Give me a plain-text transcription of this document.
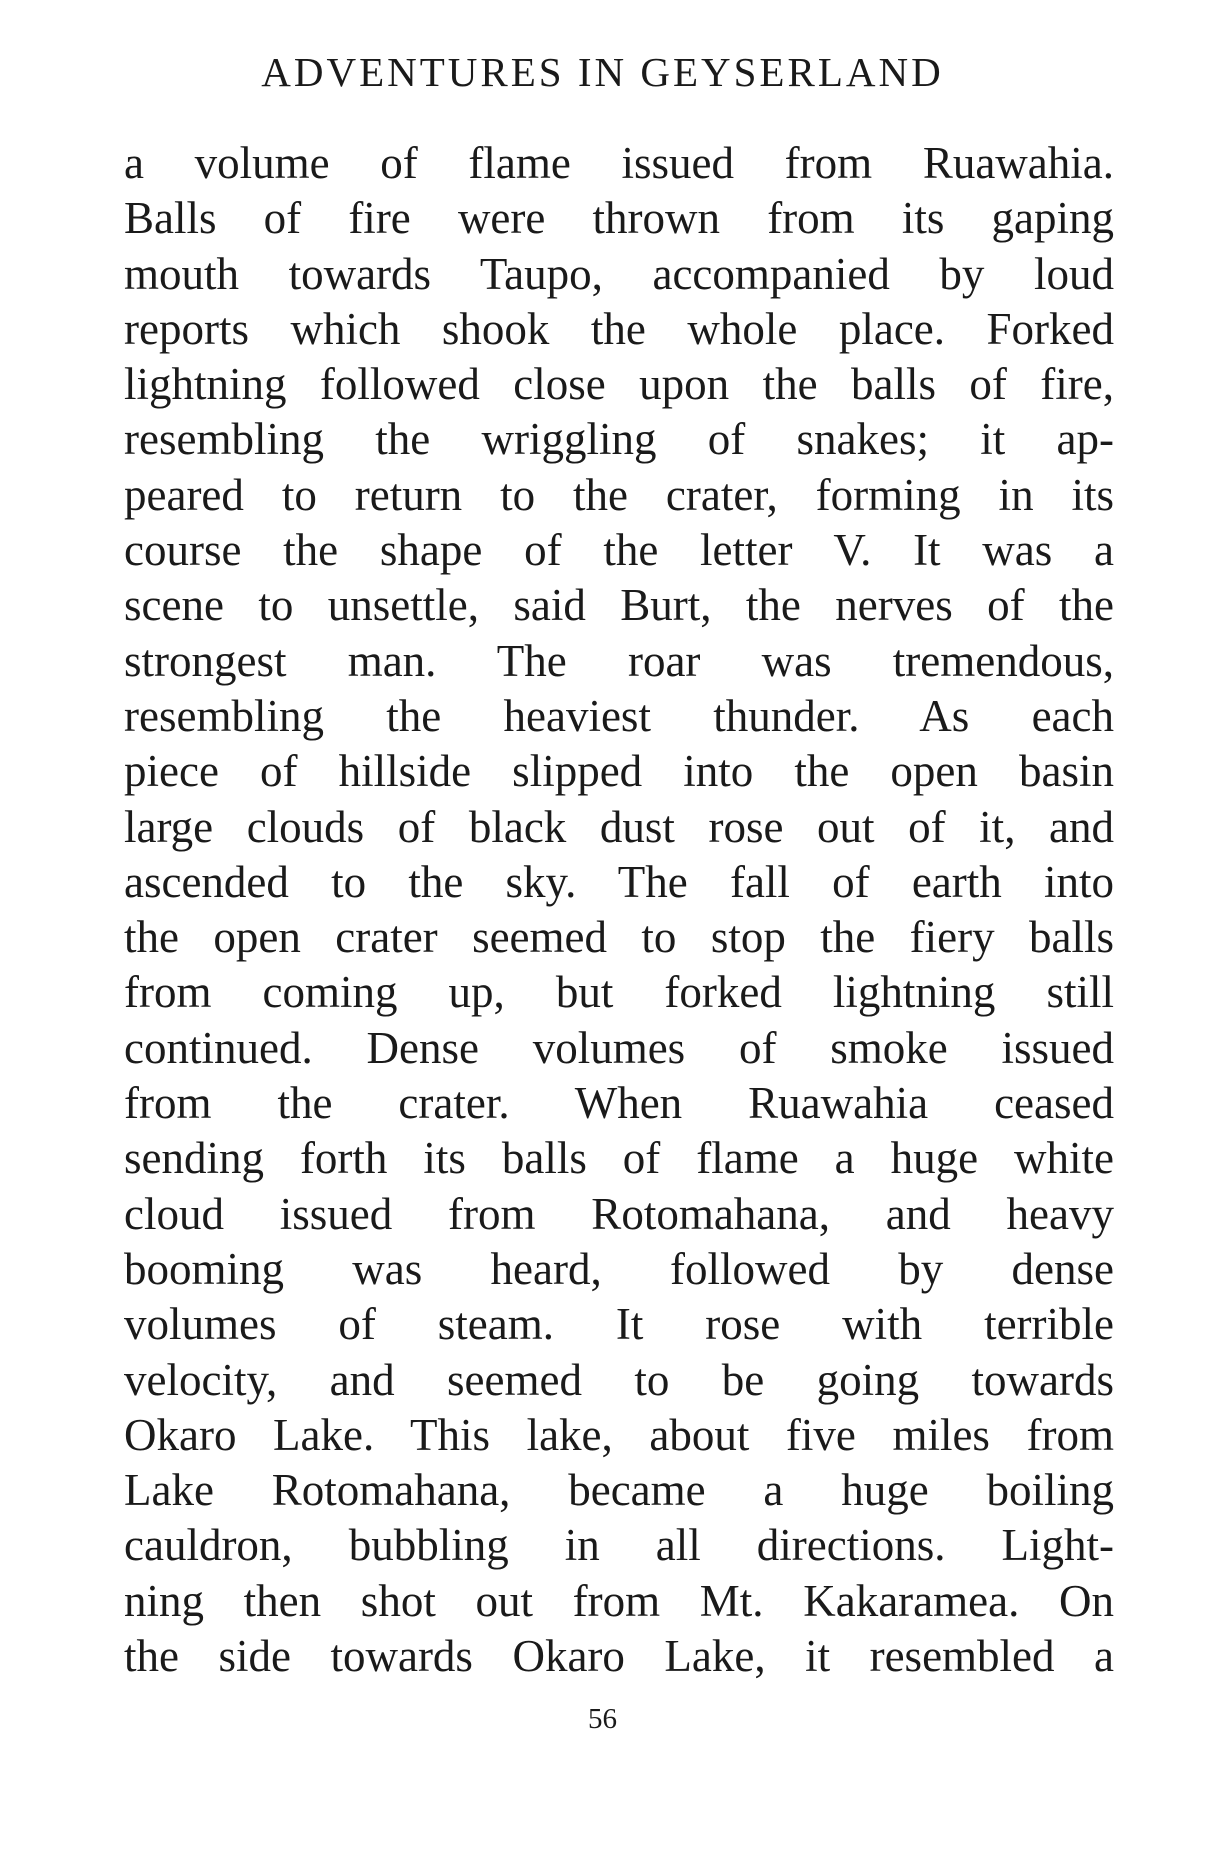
ADVENTURES IN GEYSERLAND
a volume of flame issued from Ruawahia.
Balls of fire were thrown from its gaping
mouth towards Taupo, accompanied by loud
reports which shook the whole place. Forked
lightning followed close upon the balls of fire,
resembling the wriggling of snakes; it ap-
peared to return to the crater, forming in its
course the shape of the letter V. It was a
scene to unsettle, said Burt, the nerves of the
strongest man. The roar was tremendous,
resembling the heaviest thunder. As each
piece of hillside slipped into the open basin
large clouds of black dust rose out of it, and
ascended to the sky. The fall of earth into
the open crater seemed to stop the fiery balls
from coming up, but forked lightning still
continued. Dense volumes of smoke issued
from the crater. When Ruawahia ceased
sending forth its balls of flame a huge white
cloud issued from Rotomahana, and heavy
booming was heard, followed by dense
volumes of steam. It rose with terrible
velocity, and seemed to be going towards
Okaro Lake. This lake, about five miles from
Lake Rotomahana, became a huge boiling
cauldron, bubbling in all directions. Light-
ning then shot out from Mt. Kakaramea. On
the side towards Okaro Lake, it resembled a
56
